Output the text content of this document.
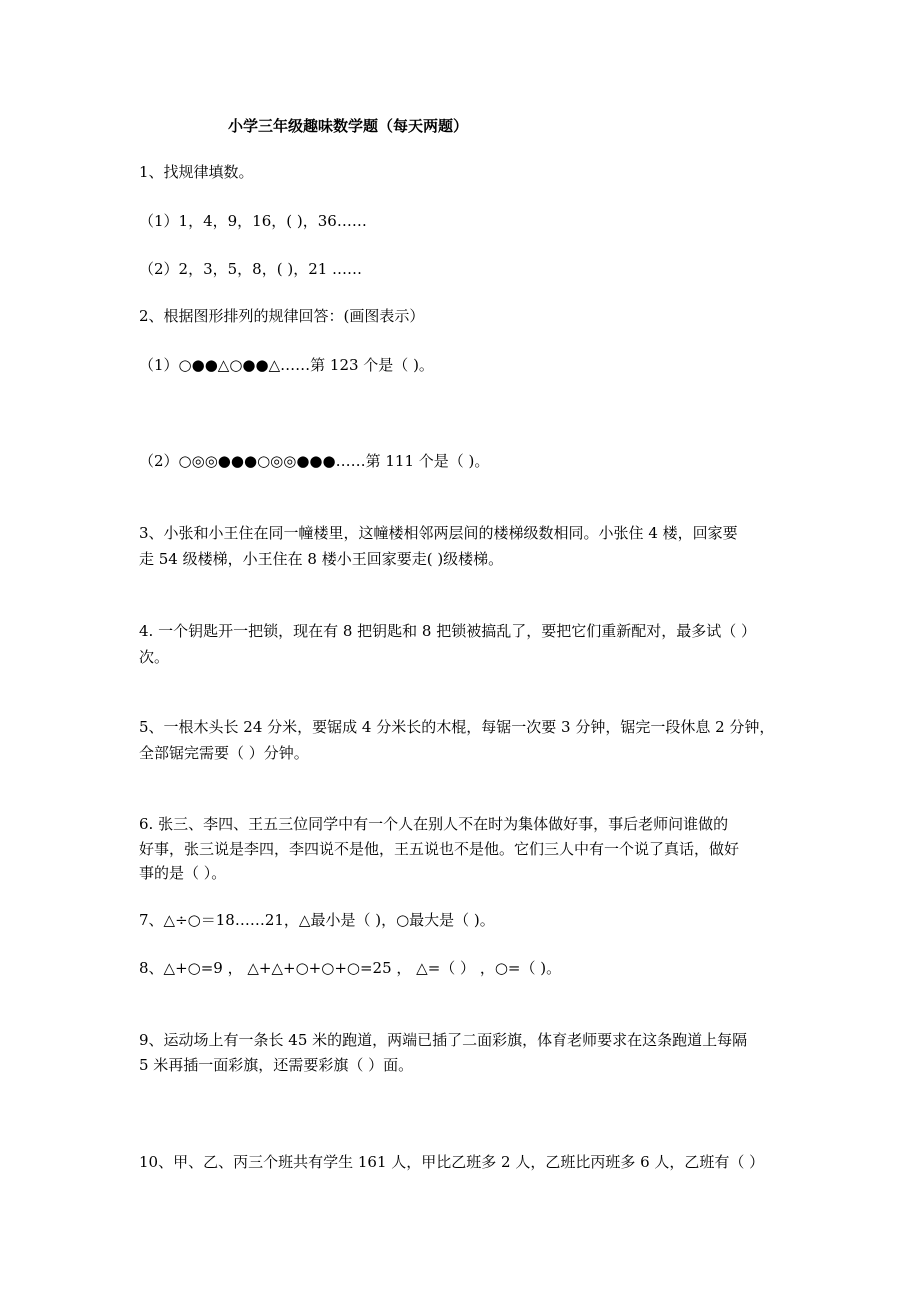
小学三年级趣味数学题（每天两题）
1、找规律填数。
（1）1，4，9，16，( )，36……
（2）2，3，5，8，( )，21 ……
2、根据图形排列的规律回答：(画图表示）
（1）○●●△○●●△……第 123 个是（ )。
（2）○◎◎●●●○◎◎●●●……第 111 个是（ )。
3、小张和小王住在同一幢楼里，这幢楼相邻两层间的楼梯级数相同。小张住 4 楼，回家要
走 54 级楼梯，小王住在 8 楼小王回家要走( )级楼梯。
4. 一个钥匙开一把锁，现在有 8 把钥匙和 8 把锁被搞乱了，要把它们重新配对，最多试（ ）
次。
5、一根木头长 24 分米，要锯成 4 分米长的木棍，每锯一次要 3 分钟，锯完一段休息 2 分钟，
全部锯完需要（ ）分钟。
6. 张三、李四、王五三位同学中有一个人在别人不在时为集体做好事，事后老师问谁做的
好事，张三说是李四，李四说不是他，王五说也不是他。它们三人中有一个说了真话，做好
事的是（ ）。
7、△÷○＝18……21，△最小是（ )，○最大是（ )。
8、△+○=9 ， △+△+○+○+○=25 ， △=（ ） ，○=（ )。
9、运动场上有一条长 45 米的跑道，两端已插了二面彩旗，体育老师要求在这条跑道上每隔
5 米再插一面彩旗，还需要彩旗（ ）面。
10、甲、乙、丙三个班共有学生 161 人，甲比乙班多 2 人，乙班比丙班多 6 人，乙班有（ ）
